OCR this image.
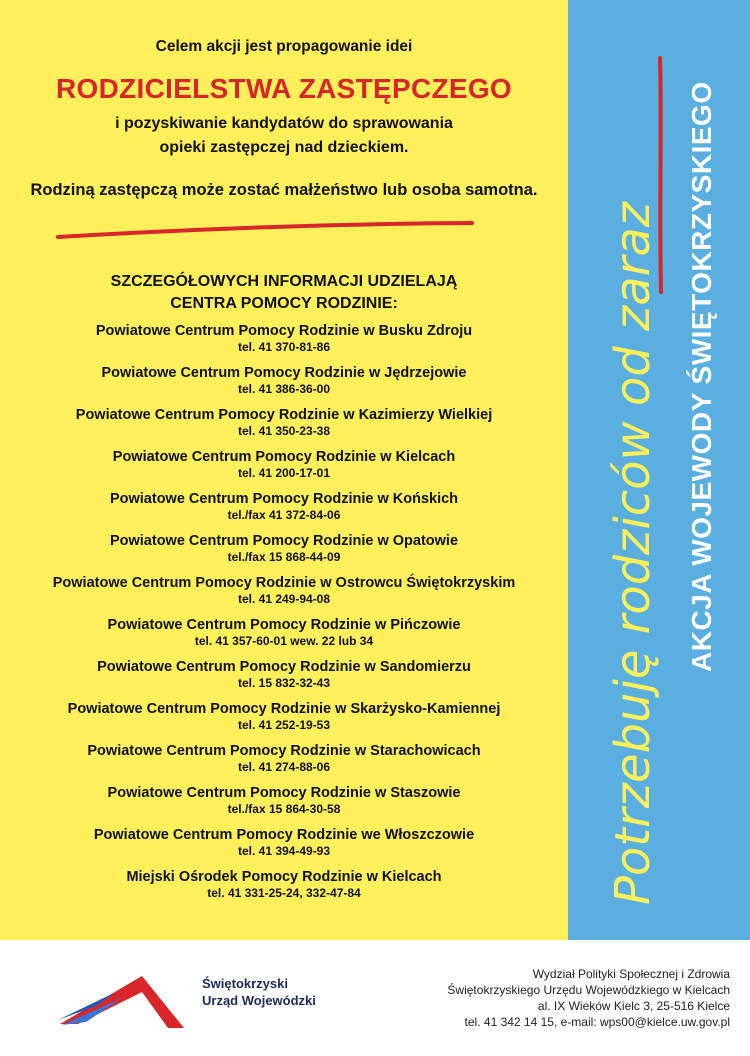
Celem akcji jest propagowanie idei
RODZICIELSTWA ZASTĘPCZEGO
i pozyskiwanie kandydatów do sprawowania
opieki zastępczej nad dzieckiem.
Rodziną zastępczą może zostać małżeństwo lub osoba samotna.
SZCZEGÓŁOWYCH INFORMACJI UDZIELAJĄ
CENTRA POMOCY RODZINIE:
Powiatowe Centrum Pomocy Rodzinie w Busku Zdroju
tel. 41 370-81-86
Powiatowe Centrum Pomocy Rodzinie w Jędrzejowie
tel. 41 386-36-00
Powiatowe Centrum Pomocy Rodzinie w Kazimierzy Wielkiej
tel. 41 350-23-38
Powiatowe Centrum Pomocy Rodzinie w Kielcach
tel. 41 200-17-01
Powiatowe Centrum Pomocy Rodzinie w Końskich
tel./fax 41 372-84-06
Powiatowe Centrum Pomocy Rodzinie w Opatowie
tel./fax 15 868-44-09
Powiatowe Centrum Pomocy Rodzinie w Ostrowcu Świętokrzyskim
tel. 41 249-94-08
Powiatowe Centrum Pomocy Rodzinie w Pińczowie
tel. 41 357-60-01 wew. 22 lub 34
Powiatowe Centrum Pomocy Rodzinie w Sandomierzu
tel. 15 832-32-43
Powiatowe Centrum Pomocy Rodzinie w Skarżysko-Kamiennej
tel. 41 252-19-53
Powiatowe Centrum Pomocy Rodzinie w Starachowicach
tel. 41 274-88-06
Powiatowe Centrum Pomocy Rodzinie w Staszowie
tel./fax 15 864-30-58
Powiatowe Centrum Pomocy Rodzinie we Włoszczowie
tel. 41 394-49-93
Miejski Ośrodek Pomocy Rodzinie w Kielcach
tel. 41 331-25-24, 332-47-84	Potrzebuję rodziców od zaraz AKCJA WOJEWODY ŚWIĘTOKRZYSKIEGO
Świętokrzyski
Urząd Wojewódzki
Wydział Polityki Społecznej i Zdrowia
Świętokrzyskiego Urzędu Wojewódzkiego w Kielcach
al. IX Wieków Kielc 3, 25-516 Kielce
tel. 41 342 14 15, e-mail: wps00@kielce.uw.gov.pl
